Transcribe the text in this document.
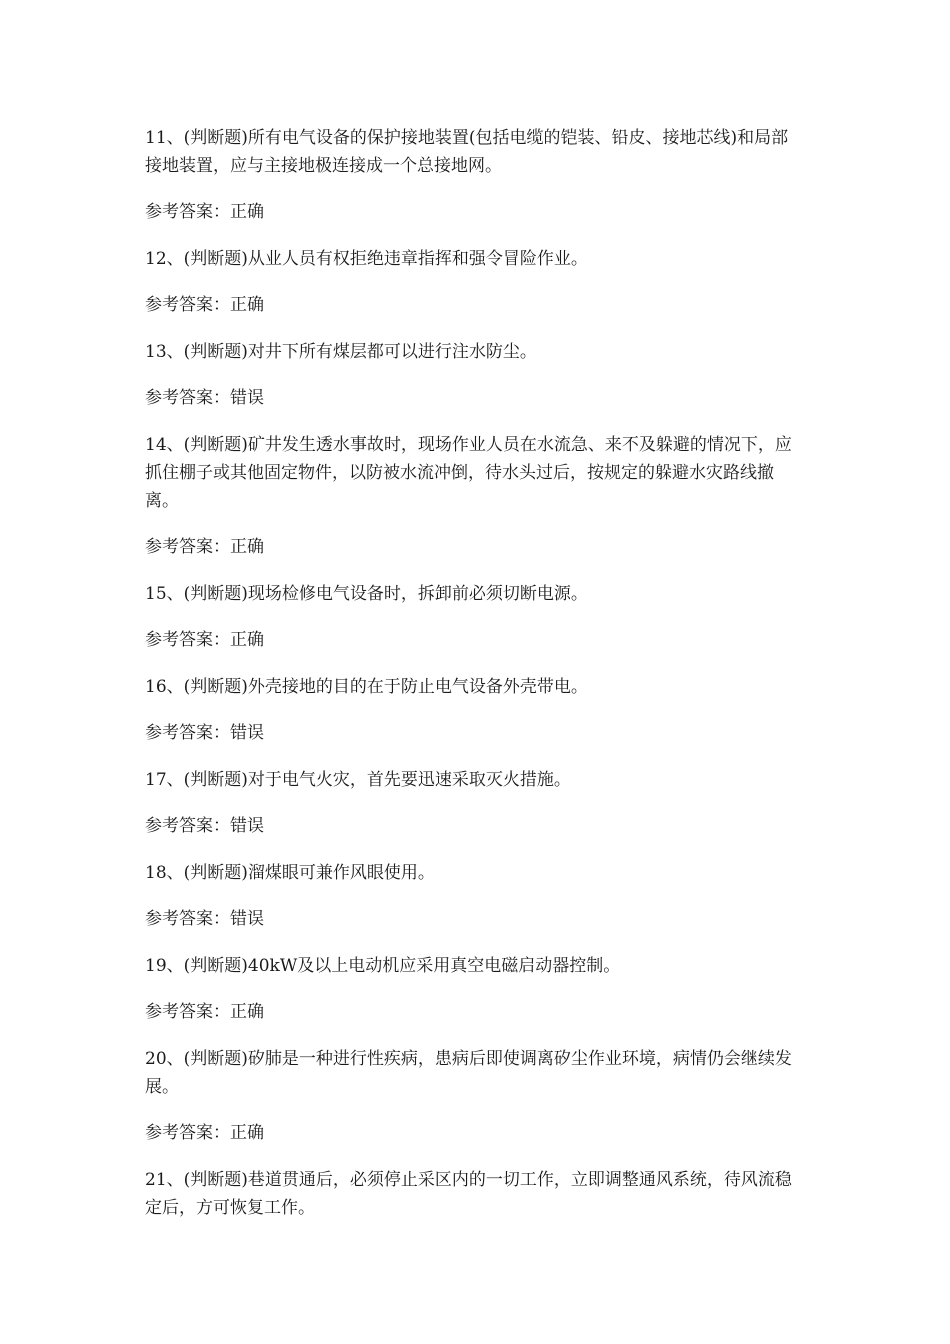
11、(判断题)所有电气设备的保护接地装置(包括电缆的铠装、铅皮、接地芯线)和局部接地装置，应与主接地极连接成一个总接地网。

参考答案：正确

12、(判断题)从业人员有权拒绝违章指挥和强令冒险作业。

参考答案：正确

13、(判断题)对井下所有煤层都可以进行注水防尘。

参考答案：错误

14、(判断题)矿井发生透水事故时，现场作业人员在水流急、来不及躲避的情况下，应抓住棚子或其他固定物件，以防被水流冲倒，待水头过后，按规定的躲避水灾路线撤离。

参考答案：正确

15、(判断题)现场检修电气设备时，拆卸前必须切断电源。

参考答案：正确

16、(判断题)外壳接地的目的在于防止电气设备外壳带电。

参考答案：错误

17、(判断题)对于电气火灾，首先要迅速采取灭火措施。

参考答案：错误

18、(判断题)溜煤眼可兼作风眼使用。

参考答案：错误

19、(判断题)40kW及以上电动机应采用真空电磁启动器控制。

参考答案：正确

20、(判断题)矽肺是一种进行性疾病，患病后即使调离矽尘作业环境，病情仍会继续发展。

参考答案：正确

21、(判断题)巷道贯通后，必须停止采区内的一切工作，立即调整通风系统，待风流稳定后，方可恢复工作。
